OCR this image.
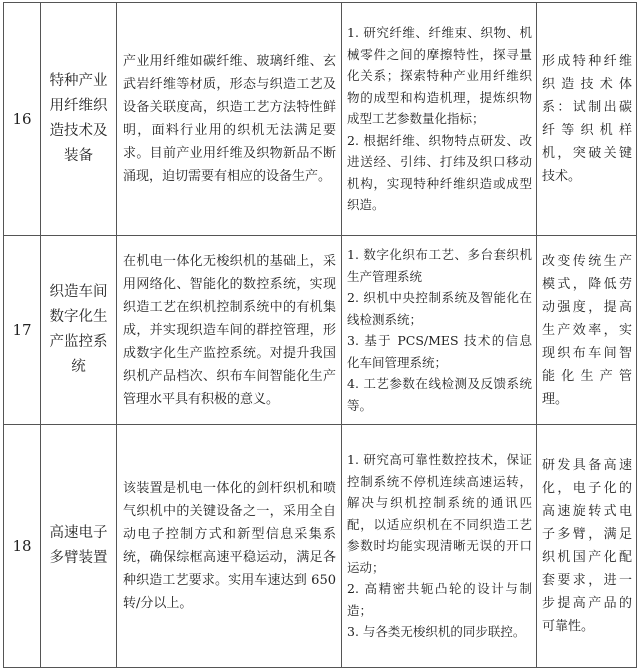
16	特种产业用纤维织造技术及装备	产业用纤维如碳纤维、玻璃纤维、玄武岩纤维等材质，形态与织造工艺及设备关联度高，织造工艺方法特性鲜明，面料行业用的织机无法满足要求。目前产业用纤维及织物新品不断涌现，迫切需要有相应的设备生产。	1. 研究纤维、纤维束、织物、机械零件之间的摩擦特性，探寻量化关系；探索特种产业用纤维织物的成型和构造机理，提炼织物成型工艺参数量化指标；
2. 根据纤维、织物特点研发、改进送经、引纬、打纬及织口移动机构，实现特种纤维织造或成型织造。	形成特种纤维织造技术体系：试制出碳纤等织机样机，突破关键技术。
17	织造车间数字化生产监控系统	在机电一体化无梭织机的基础上，采用网络化、智能化的数控系统，实现织造工艺在织机控制系统中的有机集成，并实现织造车间的群控管理，形成数字化生产监控系统。对提升我国织机产品档次、织布车间智能化生产管理水平具有积极的意义。	1. 数字化织布工艺、多台套织机生产管理系统
2. 织机中央控制系统及智能化在线检测系统；
3. 基于 PCS/MES 技术的信息化车间管理系统；
4. 工艺参数在线检测及反馈系统等。	改变传统生产模式，降低劳动强度，提高生产效率，实现织布车间智能化生产管理。
18	高速电子多臂装置	该装置是机电一体化的剑杆织机和喷气织机中的关键设备之一，采用全自动电子控制方式和新型信息采集系统，确保综框高速平稳运动，满足各种织造工艺要求。实用车速达到 650 转/分以上。	1. 研究高可靠性数控技术，保证控制系统不停机连续高速运转，解决与织机控制系统的通讯匹配，以适应织机在不同织造工艺参数时均能实现清晰无误的开口运动；
2. 高精密共轭凸轮的设计与制造；
3. 与各类无梭织机的同步联控。	研发具备高速化，电子化的高速旋转式电子多臂，满足织机国产化配套要求，进一步提高产品的可靠性。
